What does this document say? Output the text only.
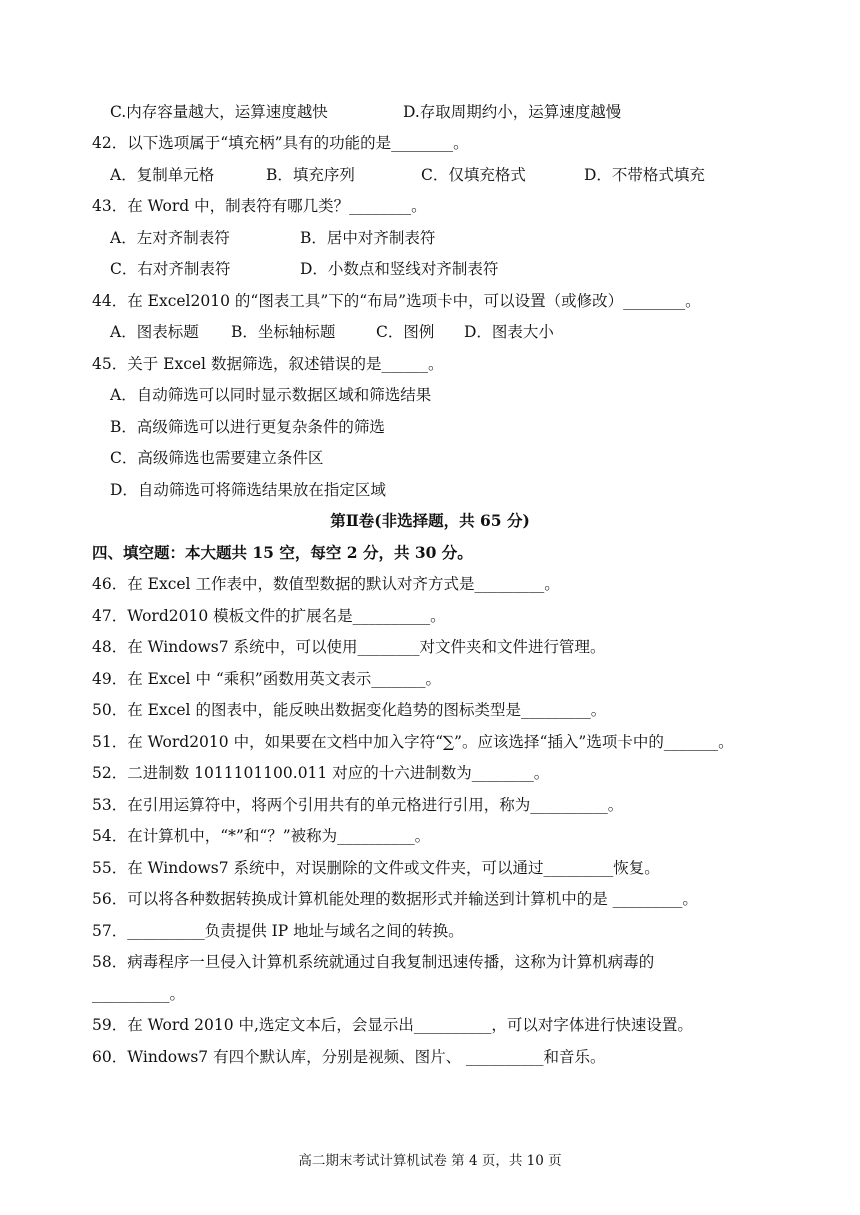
C.内存容量越大，运算速度越快	D.存取周期约小，运算速度越慢
42．以下选项属于“填充柄”具有的功能的是________。
A．复制单元格	B．填充序列	C．仅填充格式	D．不带格式填充
43．在 Word 中，制表符有哪几类？________。
A．左对齐制表符	B．居中对齐制表符
C．右对齐制表符	D．小数点和竖线对齐制表符
44．在 Excel2010 的“图表工具”下的“布局”选项卡中，可以设置（或修改）________。
A．图表标题	B．坐标轴标题	C．图例	D．图表大小
45．关于 Excel 数据筛选，叙述错误的是______。
A．自动筛选可以同时显示数据区域和筛选结果
B．高级筛选可以进行更复杂条件的筛选
C．高级筛选也需要建立条件区
D．自动筛选可将筛选结果放在指定区域
第Ⅱ卷(非选择题，共 65 分)
四、填空题：本大题共 15 空，每空 2 分，共 30 分。
46．在 Excel 工作表中，数值型数据的默认对齐方式是_________。
47．Word2010 模板文件的扩展名是__________。
48．在 Windows7 系统中，可以使用________对文件夹和文件进行管理。
49．在 Excel 中 “乘积”函数用英文表示_______。
50．在 Excel 的图表中，能反映出数据变化趋势的图标类型是_________。
51．在 Word2010 中，如果要在文档中加入字符“∑”。应该选择“插入”选项卡中的_______。
52．二进制数 1011101100.011 对应的十六进制数为________。
53．在引用运算符中，将两个引用共有的单元格进行引用，称为__________。
54．在计算机中，“*”和“？”被称为__________。
55．在 Windows7 系统中，对误删除的文件或文件夹，可以通过_________恢复。
56．可以将各种数据转换成计算机能处理的数据形式并输送到计算机中的是 _________。
57．__________负责提供 IP 地址与域名之间的转换。
58．病毒程序一旦侵入计算机系统就通过自我复制迅速传播，这称为计算机病毒的
__________。
59．在 Word 2010 中,选定文本后，会显示出__________，可以对字体进行快速设置。
60．Windows7 有四个默认库，分别是视频、图片、 __________和音乐。
高二期末考试计算机试卷 第 4 页，共 10 页
